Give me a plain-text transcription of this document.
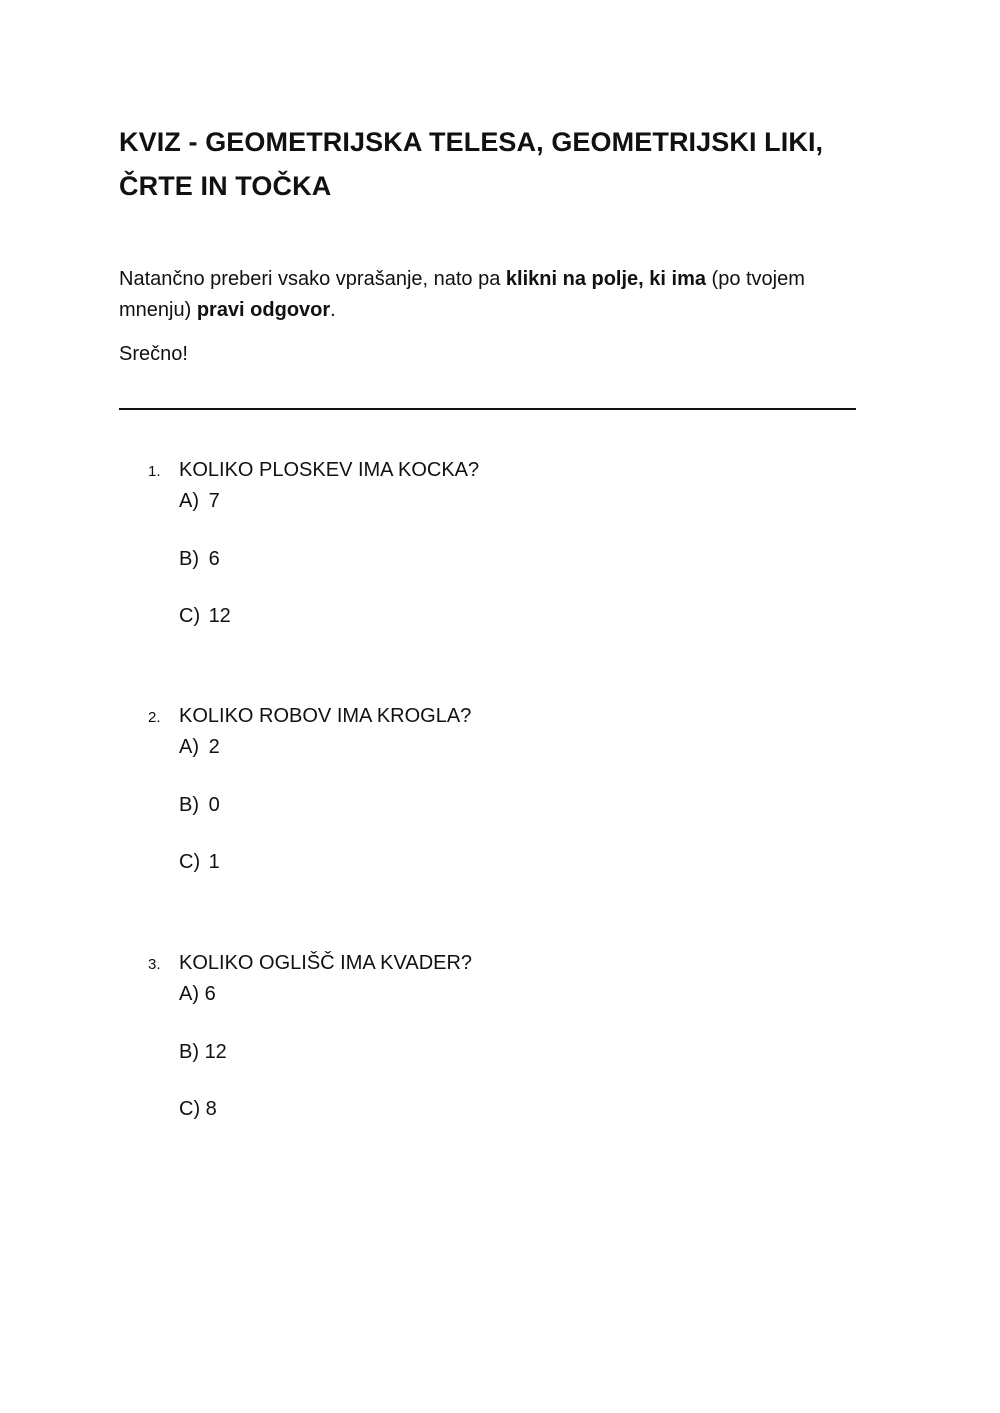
KVIZ - GEOMETRIJSKA TELESA, GEOMETRIJSKI LIKI,
ČRTE IN TOČKA

Natančno preberi vsako vprašanje, nato pa klikni na polje, ki ima (po tvojem mnenju) pravi odgovor.

Srečno!

1. KOLIKO PLOSKEV IMA KOCKA?
A) 7
B) 6
C) 12
2. KOLIKO ROBOV IMA KROGLA?
A) 2
B) 0
C) 1
3. KOLIKO OGLIŠČ IMA KVADER?
A) 6
B) 12
C) 8
